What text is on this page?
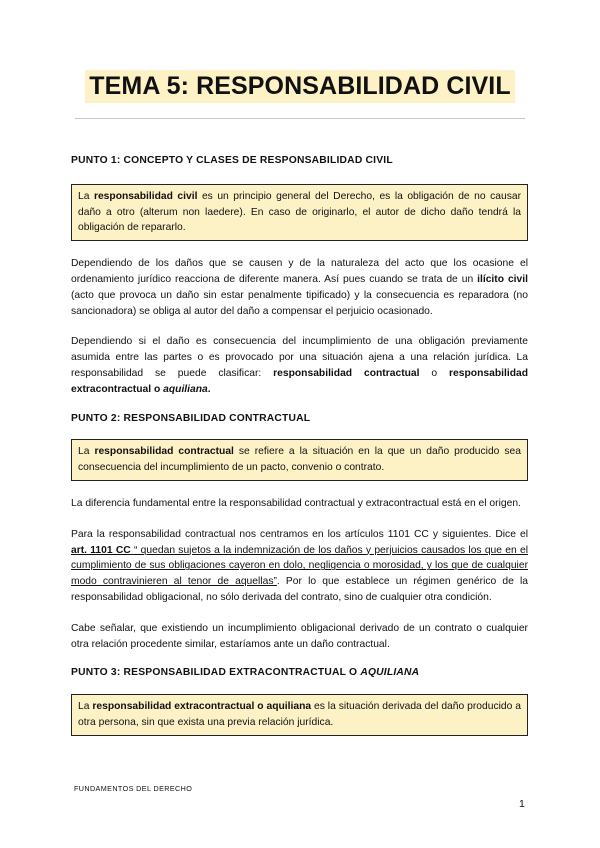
TEMA 5: RESPONSABILIDAD CIVIL
PUNTO 1: CONCEPTO Y CLASES DE RESPONSABILIDAD CIVIL
La responsabilidad civil es un principio general del Derecho, es la obligación de no causar daño a otro (alterum non laedere). En caso de originarlo, el autor de dicho daño tendrá la obligación de repararlo.

Dependiendo de los daños que se causen y de la naturaleza del acto que los ocasione el ordenamiento jurídico reacciona de diferente manera. Así pues cuando se trata de un ilícito civil (acto que provoca un daño sin estar penalmente tipificado) y la consecuencia es reparadora (no sancionadora) se obliga al autor del daño a compensar el perjuicio ocasionado.

Dependiendo si el daño es consecuencia del incumplimiento de una obligación previamente asumida entre las partes o es provocado por una situación ajena a una relación jurídica. La responsabilidad se puede clasificar: responsabilidad contractual o responsabilidad extracontractual o aquiliana.

PUNTO 2: RESPONSABILIDAD CONTRACTUAL
La responsabilidad contractual se refiere a la situación en la que un daño producido sea consecuencia del incumplimiento de un pacto, convenio o contrato.

La diferencia fundamental entre la responsabilidad contractual y extracontractual está en el origen.

Para la responsabilidad contractual nos centramos en los artículos 1101 CC y siguientes. Dice el art. 1101 CC “ quedan sujetos a la indemnización de los daños y perjuicios causados los que en el cumplimiento de sus obligaciones cayeron en dolo, negligencia o morosidad, y los que de cualquier modo contravinieren al tenor de aquellas”. Por lo que establece un régimen genérico de la responsabilidad obligacional, no sólo derivada del contrato, sino de cualquier otra condición.

Cabe señalar, que existiendo un incumplimiento obligacional derivado de un contrato o cualquier otra relación procedente similar, estaríamos ante un daño contractual.

PUNTO 3: RESPONSABILIDAD EXTRACONTRACTUAL O AQUILIANA
La responsabilidad extracontractual o aquiliana es la situación derivada del daño producido a otra persona, sin que exista una previa relación jurídica.
FUNDAMENTOS DEL DERECHO
1
